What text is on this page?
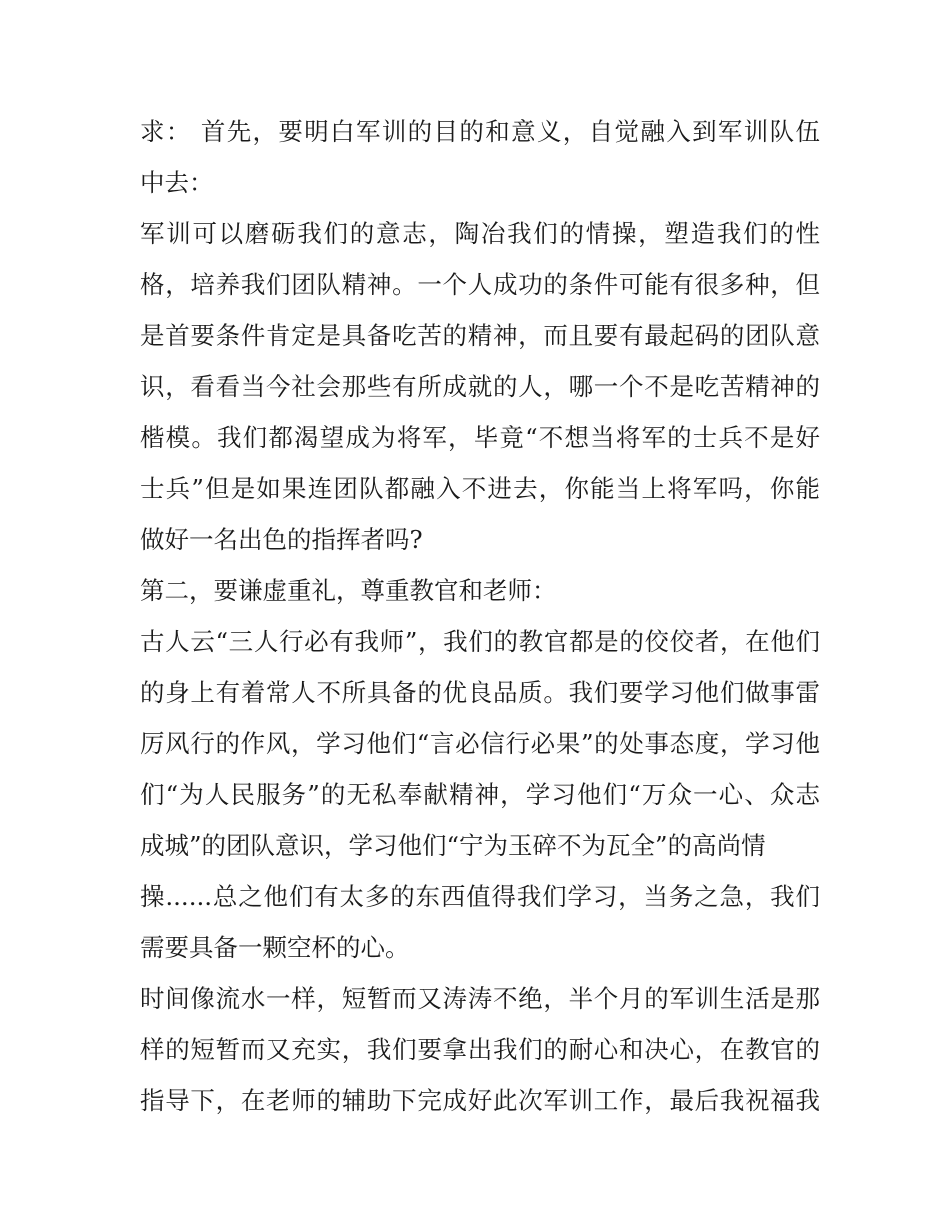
求： 首先，要明白军训的目的和意义，自觉融入到军训队伍
中去：
军训可以磨砺我们的意志，陶冶我们的情操，塑造我们的性
格，培养我们团队精神。一个人成功的条件可能有很多种，但
是首要条件肯定是具备吃苦的精神，而且要有最起码的团队意
识，看看当今社会那些有所成就的人，哪一个不是吃苦精神的
楷模。我们都渴望成为将军，毕竟“不想当将军的士兵不是好
士兵”但是如果连团队都融入不进去，你能当上将军吗，你能
做好一名出色的指挥者吗?
第二，要谦虚重礼，尊重教官和老师：
古人云“三人行必有我师”，我们的教官都是的佼佼者，在他们
的身上有着常人不所具备的优良品质。我们要学习他们做事雷
厉风行的作风，学习他们“言必信行必果”的处事态度，学习他
们“为人民服务”的无私奉献精神，学习他们“万众一心、众志
成城”的团队意识，学习他们“宁为玉碎不为瓦全”的高尚情
操......总之他们有太多的东西值得我们学习，当务之急，我们
需要具备一颗空杯的心。
时间像流水一样，短暂而又涛涛不绝，半个月的军训生活是那
样的短暂而又充实，我们要拿出我们的耐心和决心，在教官的
指导下，在老师的辅助下完成好此次军训工作，最后我祝福我
